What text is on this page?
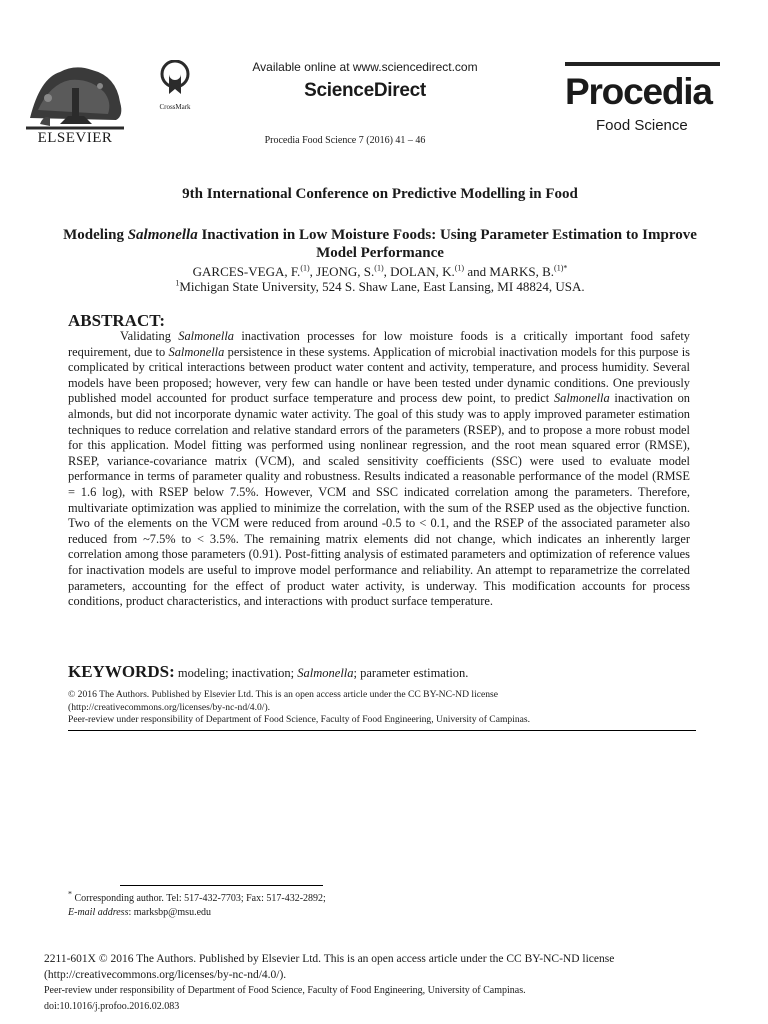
ELSEVIER
CrossMark
Available online at www.sciencedirect.com
ScienceDirect
Procedia Food Science 7 (2016) 41 – 46
Procedia
Food Science
9th International Conference on Predictive Modelling in Food
Modeling Salmonella Inactivation in Low Moisture Foods: Using Parameter Estimation to Improve Model Performance
GARCES-VEGA, F.$^{(1)}$, JEONG, S.$^{(1)}$, DOLAN, K.$^{(1)}$ and MARKS, B.$^{(1)*}$
$^1$Michigan State University, 524 S. Shaw Lane, East Lansing, MI 48824, USA.
ABSTRACT:

Validating Salmonella inactivation processes for low moisture foods is a critically important food safety requirement, due to Salmonella persistence in these systems. Application of microbial inactivation models for this purpose is complicated by critical interactions between product water content and activity, temperature, and process humidity. Several models have been proposed; however, very few can handle or have been tested under dynamic conditions. One previously published model accounted for product surface temperature and process dew point, to predict Salmonella inactivation on almonds, but did not incorporate dynamic water activity. The goal of this study was to apply improved parameter estimation techniques to reduce correlation and relative standard errors of the parameters (RSEP), and to propose a more robust model for this application. Model fitting was performed using nonlinear regression, and the root mean squared error (RMSE), RSEP, variance-covariance matrix (VCM), and scaled sensitivity coefficients (SSC) were used to evaluate model performance in terms of parameter quality and robustness. Results indicated a reasonable performance of the model (RMSE = 1.6 log), with RSEP below 7.5%. However, VCM and SSC indicated correlation among the parameters. Therefore, multivariate optimization was applied to minimize the correlation, with the sum of the RSEP used as the objective function. Two of the elements on the VCM were reduced from around -0.5 to < 0.1, and the RSEP of the associated parameter also reduced from ~7.5% to < 3.5%. The remaining matrix elements did not change, which indicates an inherently larger correlation among those parameters (0.91). Post-fitting analysis of estimated parameters and optimization of reference values for inactivation models are useful to improve model performance and reliability. An attempt to reparametrize the correlated parameters, accounting for the effect of product water activity, is underway. This modification accounts for process conditions, product characteristics, and interactions with product surface temperature.

KEYWORDS: modeling; inactivation; Salmonella; parameter estimation.
© 2016 The Authors. Published by Elsevier Ltd. This is an open access article under the CC BY-NC-ND license
(http://creativecommons.org/licenses/by-nc-nd/4.0/).
Peer-review under responsibility of Department of Food Science, Faculty of Food Engineering, University of Campinas.
* Corresponding author. Tel: 517-432-7703; Fax: 517-432-2892;
E-mail address: marksbp@msu.edu
2211-601X © 2016 The Authors. Published by Elsevier Ltd. This is an open access article under the CC BY-NC-ND license
(http://creativecommons.org/licenses/by-nc-nd/4.0/).
Peer-review under responsibility of Department of Food Science, Faculty of Food Engineering, University of Campinas.
doi:10.1016/j.profoo.2016.02.083
